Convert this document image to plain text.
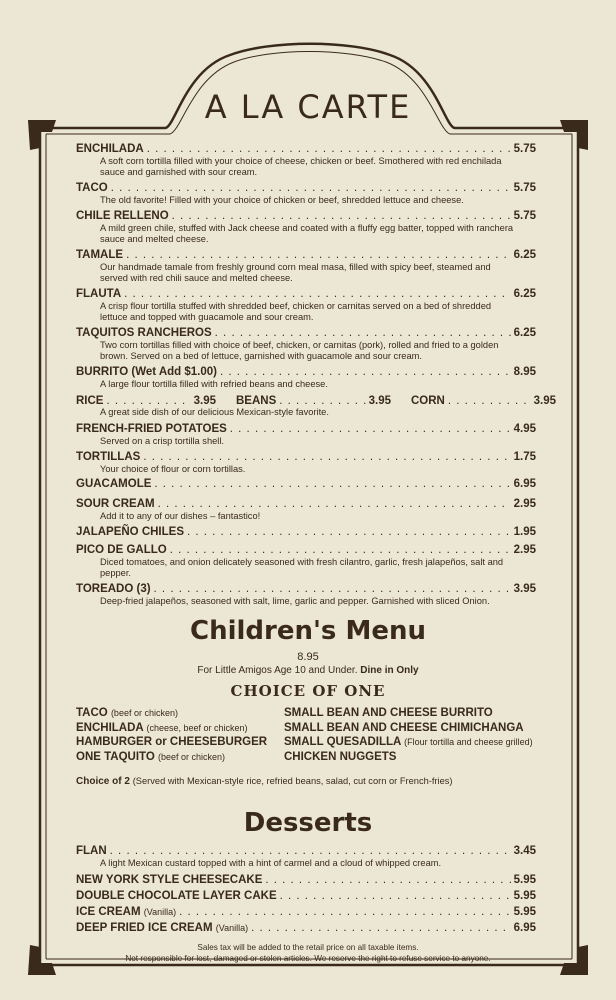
A LA CARTE
ENCHILADA . . .	5.75
A soft corn tortilla filled with your choice of cheese, chicken or beef. Smothered with red enchilada sauce and garnished with sour cream.
TACO . . .	5.75
The old favorite! Filled with your choice of chicken or beef, shredded lettuce and cheese.
CHILE RELLENO . . .	5.75
A mild green chile, stuffed with Jack cheese and coated with a fluffy egg batter, topped with ranchera sauce and melted cheese.
TAMALE . . .	6.25
Our handmade tamale from freshly ground corn meal masa, filled with spicy beef, steamed and served with red chili sauce and melted cheese.
FLAUTA . . .	6.25
A crisp flour tortilla stuffed with shredded beef, chicken or carnitas served on a bed of shredded lettuce and topped with guacamole and sour cream.
TAQUITOS RANCHEROS . . .	6.25
Two corn tortillas filled with choice of beef, chicken, or carnitas (pork), rolled and fried to a golden brown. Served on a bed of lettuce, garnished with guacamole and sour cream.
BURRITO (Wet Add $1.00) . . .	8.95
A large flour tortilla filled with refried beans and cheese.
RICE . . .	3.95 BEANS . . .	3.95 CORN . . .	3.95
A great side dish of our delicious Mexican-style favorite.
FRENCH-FRIED POTATOES . . .	4.95
Served on a crisp tortilla shell.
TORTILLAS . . .	1.75
Your choice of flour or corn tortillas.
GUACAMOLE . . .	6.95
SOUR CREAM . . .	2.95
Add it to any of our dishes – fantastico!
JALAPEÑO CHILES . . .	1.95
PICO DE GALLO . . .	2.95
Diced tomatoes, and onion delicately seasoned with fresh cilantro, garlic, fresh jalapeños, salt and pepper.
TOREADO (3) . . .	3.95
Deep-fried jalapeños, seasoned with salt, lime, garlic and pepper. Garnished with sliced Onion.
Children's Menu
8.95
For Little Amigos Age 10 and Under. Dine in Only
CHOICE OF ONE
TACO (beef or chicken)
ENCHILADA (cheese, beef or chicken)
HAMBURGER or CHEESEBURGER
ONE TAQUITO (beef or chicken)
SMALL BEAN AND CHEESE BURRITO
SMALL BEAN AND CHEESE CHIMICHANGA
SMALL QUESADILLA (Flour tortilla and cheese grilled)
CHICKEN NUGGETS
Choice of 2 (Served with Mexican-style rice, refried beans, salad, cut corn or French-fries)
Desserts
FLAN . . .	3.45
A light Mexican custard topped with a hint of carmel and a cloud of whipped cream.
NEW YORK STYLE CHEESECAKE . . .	5.95
DOUBLE CHOCOLATE LAYER CAKE . . .	5.95
ICE CREAM (Vanilla) . . .	5.95
DEEP FRIED ICE CREAM (Vanilla) . . .	6.95
Sales tax will be added to the retail price on all taxable items.
Not responsible for lost, damaged or stolen articles. We reserve the right to refuse service to anyone.
